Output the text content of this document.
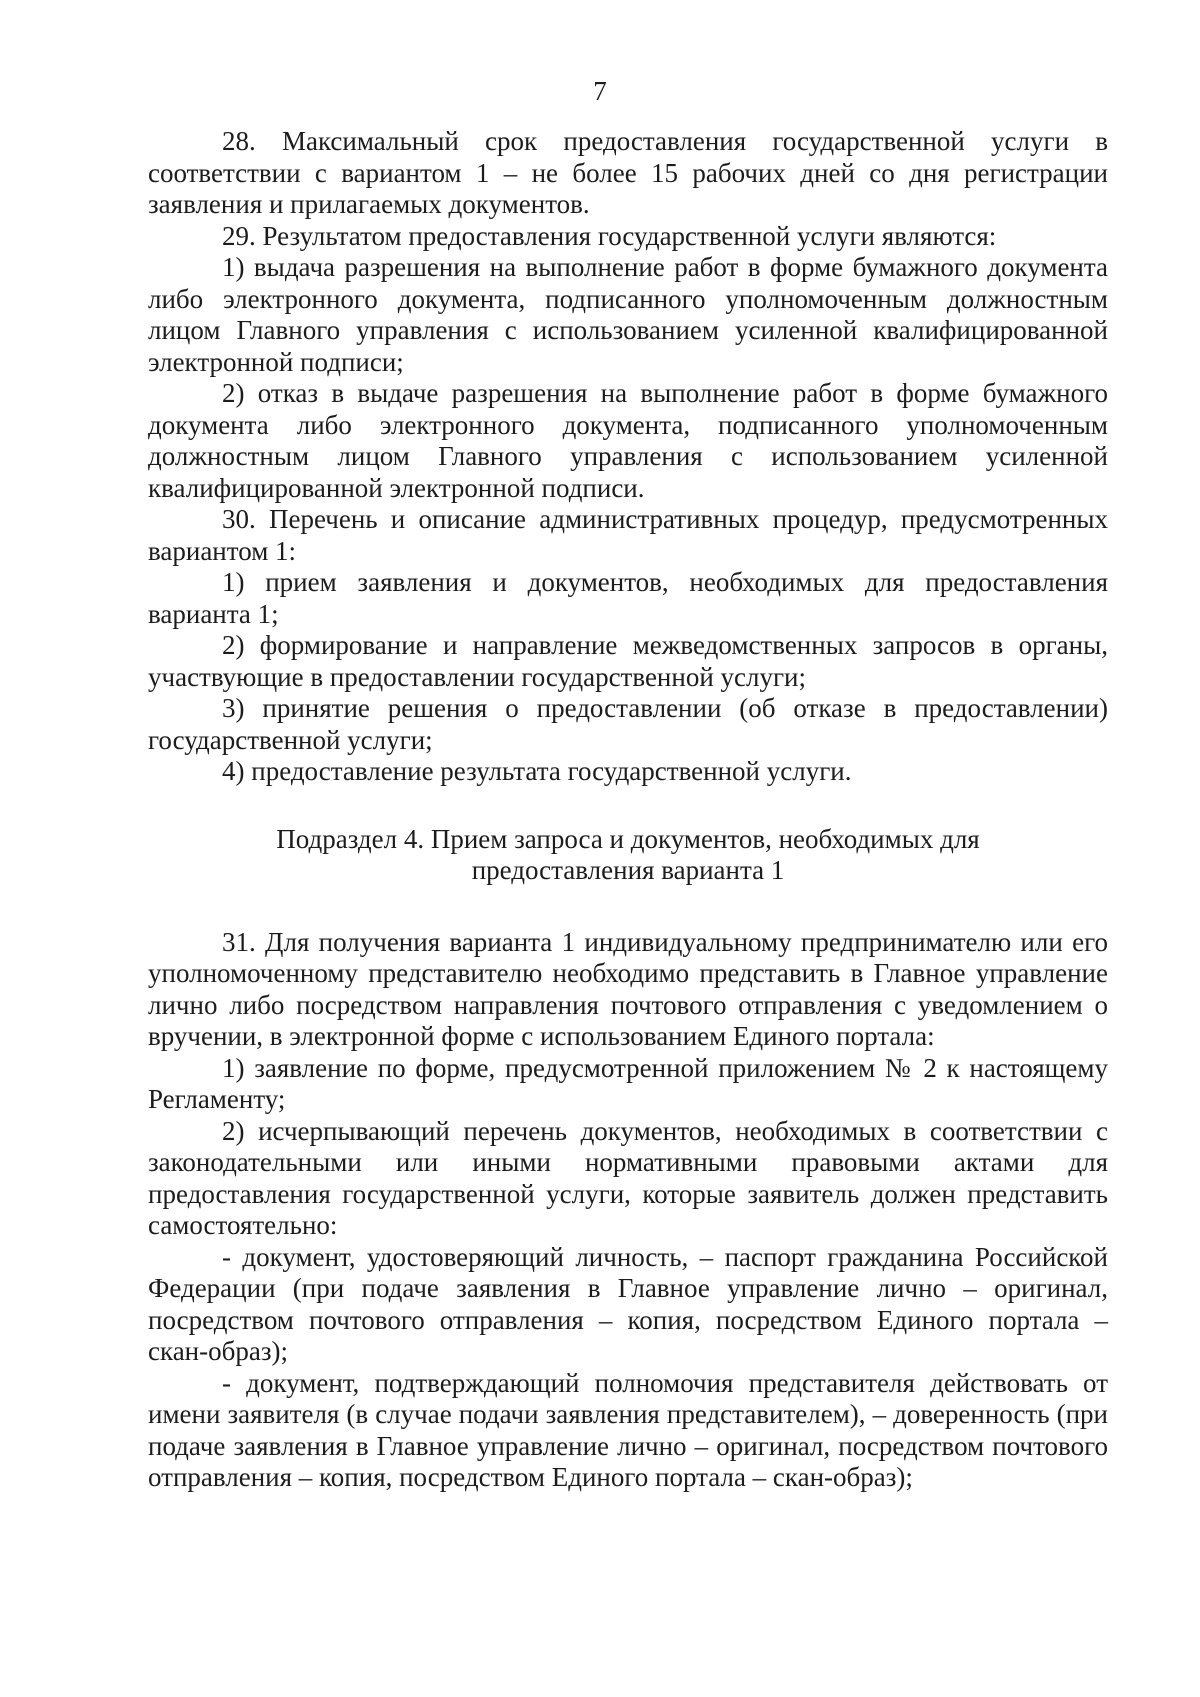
7

28. Максимальный срок предоставления государственной услуги в соответствии с вариантом 1 – не более 15 рабочих дней со дня регистрации заявления и прилагаемых документов.

29. Результатом предоставления государственной услуги являются:

1) выдача разрешения на выполнение работ в форме бумажного документа либо электронного документа, подписанного уполномоченным должностным лицом Главного управления с использованием усиленной квалифицированной электронной подписи;

2) отказ в выдаче разрешения на выполнение работ в форме бумажного документа либо электронного документа, подписанного уполномоченным должностным лицом Главного управления с использованием усиленной квалифицированной электронной подписи.

30. Перечень и описание административных процедур, предусмотренных вариантом 1:

1) прием заявления и документов, необходимых для предоставления варианта 1;

2) формирование и направление межведомственных запросов в органы, участвующие в предоставлении государственной услуги;

3) принятие решения о предоставлении (об отказе в предоставлении) государственной услуги;

4) предоставление результата государственной услуги.

Подраздел 4. Прием запроса и документов, необходимых для
предоставления варианта 1

31. Для получения варианта 1 индивидуальному предпринимателю или его уполномоченному представителю необходимо представить в Главное управление лично либо посредством направления почтового отправления с уведомлением о вручении, в электронной форме с использованием Единого портала:

1) заявление по форме, предусмотренной приложением № 2 к настоящему Регламенту;

2) исчерпывающий перечень документов, необходимых в соответствии с законодательными или иными нормативными правовыми актами для предоставления государственной услуги, которые заявитель должен представить самостоятельно:

- документ, удостоверяющий личность, – паспорт гражданина Российской Федерации (при подаче заявления в Главное управление лично – оригинал, посредством почтового отправления – копия, посредством Единого портала – скан-образ);

- документ, подтверждающий полномочия представителя действовать от имени заявителя (в случае подачи заявления представителем), – доверенность (при подаче заявления в Главное управление лично – оригинал, посредством почтового отправления – копия, посредством Единого портала – скан-образ);
